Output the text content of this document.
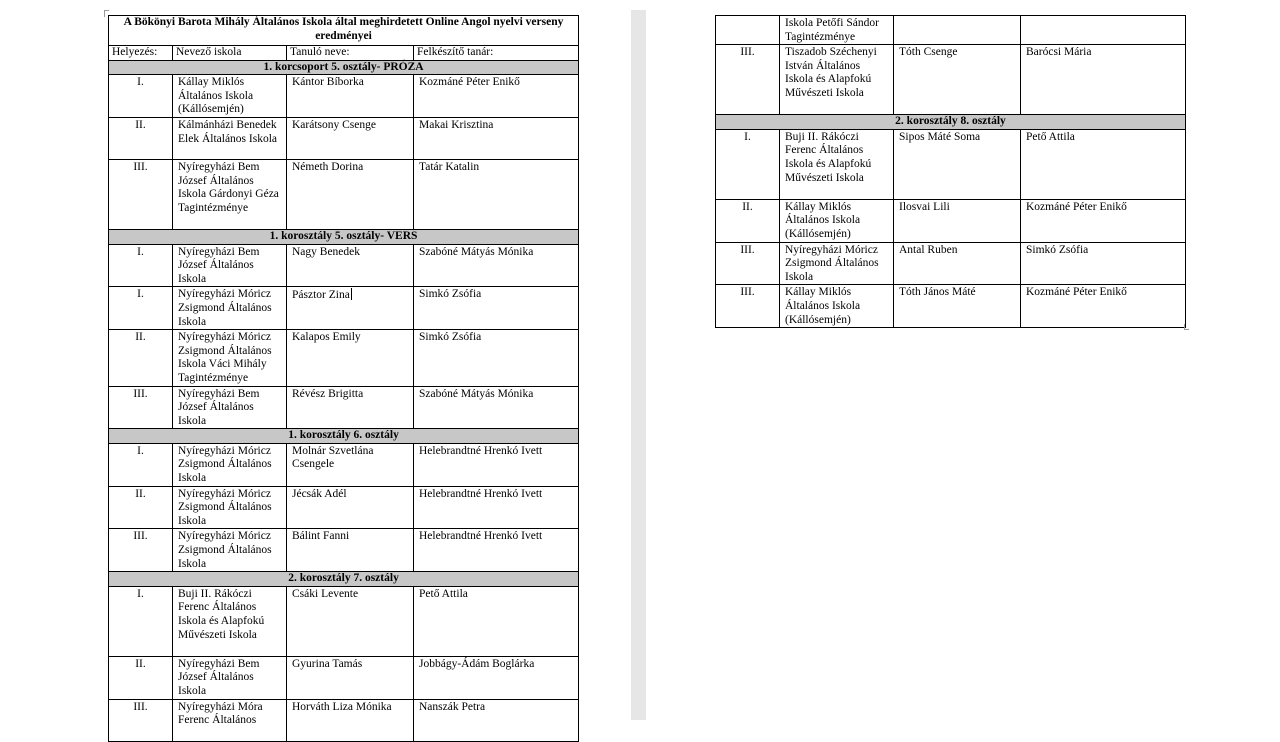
A Bökönyi Barota Mihály Általános Iskola által meghirdetett Online Angol nyelvi verseny eredményei			
Helyezés:	Nevező iskola	Tanuló neve:	Felkészítő tanár:
1. korcsoport 5. osztály- PRÓZA			
I.	Kállay Miklós Általános Iskola (Kállósemjén)	Kántor Bíborka	Kozmáné Péter Enikő
II.	Kálmánházi Benedek Elek Általános Iskola	Karátsony Csenge	Makai Krisztina
III.	Nyíregyházi Bem József Általános Iskola Gárdonyi Géza Tagintézménye	Németh Dorina	Tatár Katalin
1. korosztály 5. osztály- VERS			
I.	Nyíregyházi Bem József Általános Iskola	Nagy Benedek	Szabóné Mátyás Mónika
I.	Nyíregyházi Móricz Zsigmond Általános Iskola	Pásztor Zina	Simkó Zsófia
II.	Nyíregyházi Móricz Zsigmond Általános Iskola Váci Mihály Tagintézménye	Kalapos Emily	Simkó Zsófia
III.	Nyíregyházi Bem József Általános Iskola	Révész Brigitta	Szabóné Mátyás Mónika
1. korosztály 6. osztály			
I.	Nyíregyházi Móricz Zsigmond Általános Iskola	Molnár Szvetlána Csengele	Helebrandtné Hrenkó Ivett
II.	Nyíregyházi Móricz Zsigmond Általános Iskola	Jécsák Adél	Helebrandtné Hrenkó Ivett
III.	Nyíregyházi Móricz Zsigmond Általános Iskola	Bálint Fanni	Helebrandtné Hrenkó Ivett
2. korosztály 7. osztály			
I.	Buji II. Rákóczi Ferenc Általános Iskola és Alapfokú Művészeti Iskola	Csáki Levente	Pető Attila
II.	Nyíregyházi Bem József Általános Iskola	Gyurina Tamás	Jobbágy-Ádám Boglárka
III.	Nyíregyházi Móra Ferenc Általános	Horváth Liza Mónika	Nanszák Petra
	Iskola Petőfi Sándor Tagintézménye		
III.	Tiszadob Széchenyi István Általános Iskola és Alapfokú Művészeti Iskola	Tóth Csenge	Barócsi Mária
2. korosztály 8. osztály			
I.	Buji II. Rákóczi Ferenc Általános Iskola és Alapfokú Művészeti Iskola	Sipos Máté Soma	Pető Attila
II.	Kállay Miklós Általános Iskola (Kállósemjén)	Ilosvai Lili	Kozmáné Péter Enikő
III.	Nyíregyházi Móricz Zsigmond Általános Iskola	Antal Ruben	Simkó Zsófia
III.	Kállay Miklós Általános Iskola (Kállósemjén)	Tóth János Máté	Kozmáné Péter Enikő
